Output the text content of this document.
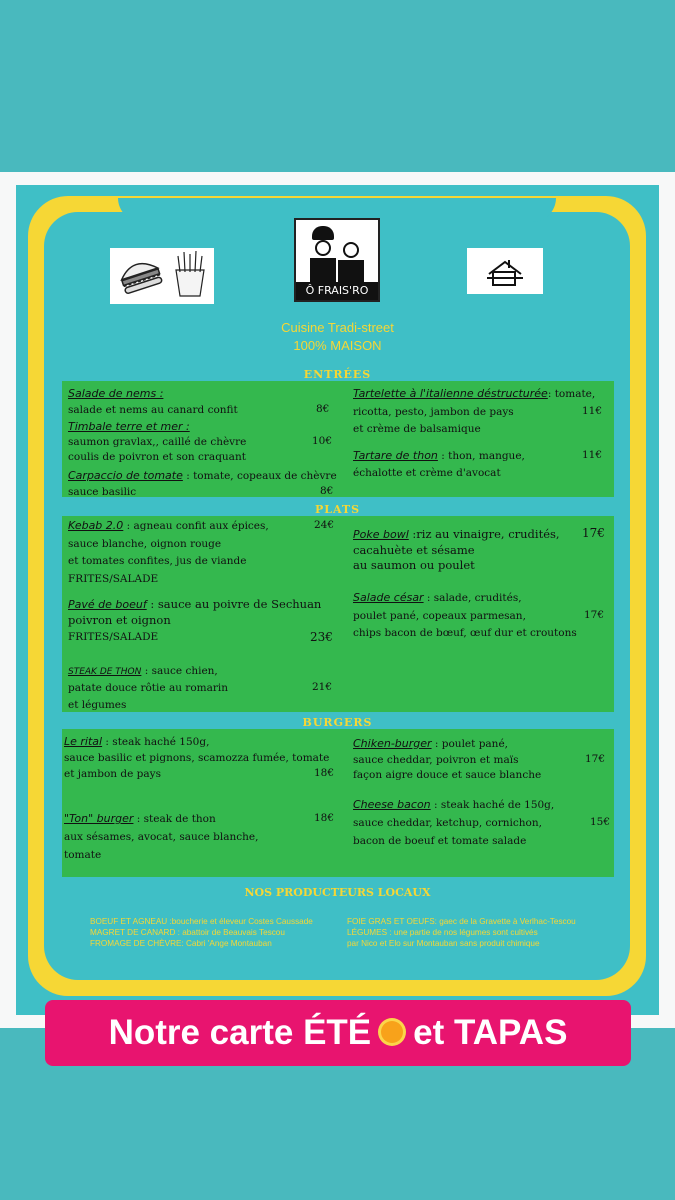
Ô FRAIS'RO
Cuisine Tradi-street
100% MAISON
ENTRÉES
Salade de nems :
salade et nems au canard confit	8€
Timbale terre et mer :
saumon gravlax,, caillé de chèvre	10€
coulis de poivron et son craquant
Carpaccio de tomate : tomate, copeaux de chèvre
sauce basilic	8€
Tartelette à l'italienne déstructurée: tomate,
ricotta, pesto, jambon de pays	11€
et crème de balsamique
Tartare de thon : thon, mangue,	11€
échalotte et crème d'avocat
PLATS
Kebab 2.0 : agneau confit aux épices,	24€
sauce blanche, oignon rouge
et tomates confites, jus de viande
FRITES/SALADE
Pavé de boeuf : sauce au poivre de Sechuan
poivron et oignon
FRITES/SALADE	23€
STEAK DE THON : sauce chien,
patate douce rôtie au romarin	21€
et légumes
Poke bowl :riz au vinaigre, crudités, 17€
cacahuète et sésame
au saumon ou poulet
Salade césar : salade, crudités,
poulet pané, copeaux parmesan,	17€
chips bacon de bœuf, œuf dur et croutons
BURGERS
Le rital : steak haché 150g,
sauce basilic et pignons, scamozza fumée, tomate
et jambon de pays	18€
"Ton" burger : steak de thon	18€
aux sésames, avocat, sauce blanche,
tomate
Chiken-burger : poulet pané,
sauce cheddar, poivron et maïs	17€
façon aigre douce et sauce blanche
Cheese bacon : steak haché de 150g,
sauce cheddar, ketchup, cornichon,	15€
bacon de boeuf et tomate salade
NOS PRODUCTEURS LOCAUX
BOEUF ET AGNEAU :boucherie et éleveur Costes Caussade
MAGRET DE CANARD : abattoir de Beauvais Tescou
FROMAGE DE CHÈVRE: Cabri 'Ange Montauban
FOIE GRAS ET OEUFS: gaec de la Gravette à Verlhac-Tescou
LÉGUMES : une partie de nos légumes sont cultivés
par Nico et Elo sur Montauban sans produit chimique
Notre carte ÉTÉ et TAPAS
